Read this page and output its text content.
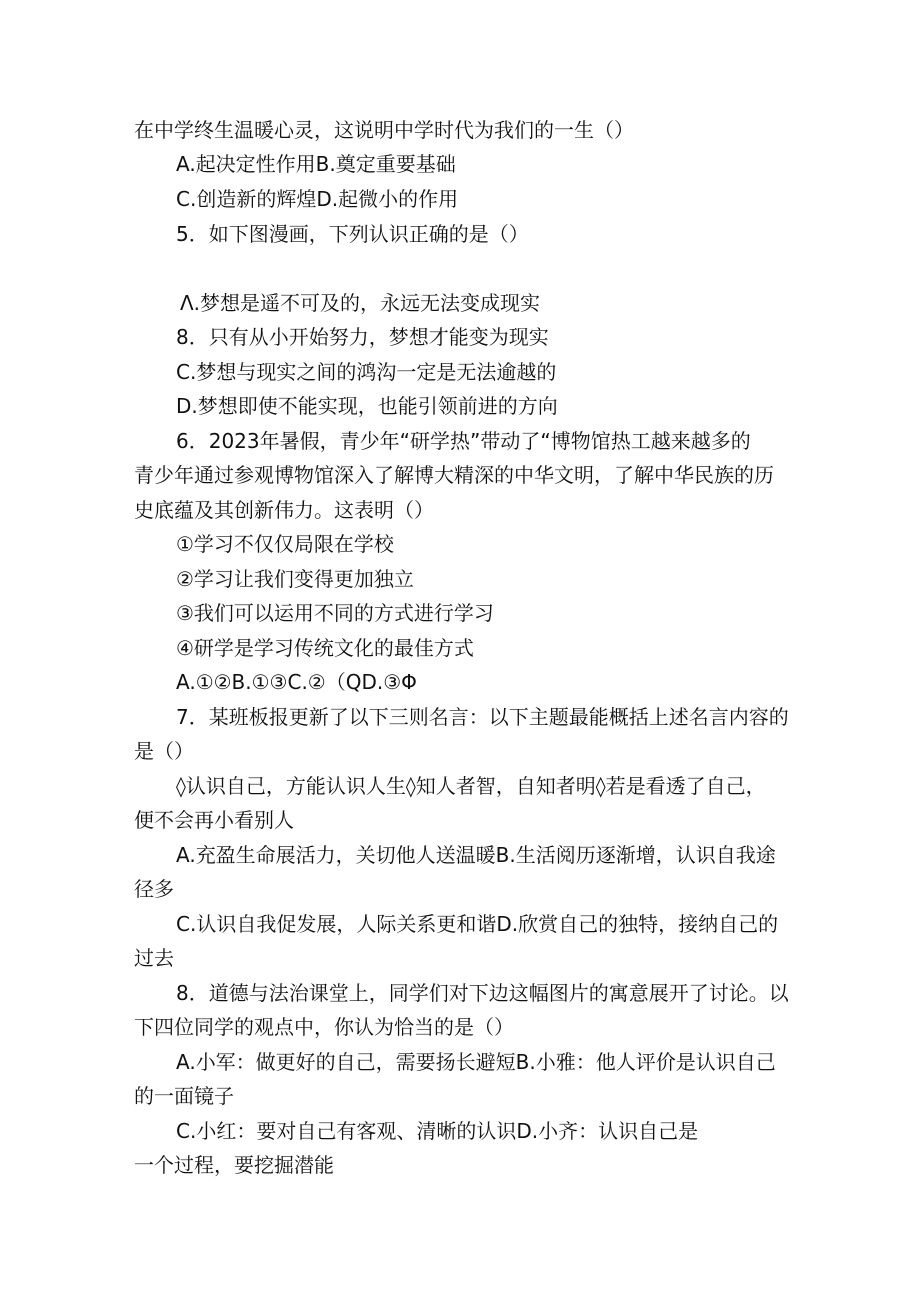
在中学终生温暖心灵，这说明中学时代为我们的一生（）
A.起决定性作用B.奠定重要基础
C.创造新的辉煌D.起微小的作用
5．如下图漫画，下列认识正确的是（）
Λ.梦想是遥不可及的，永远无法变成现实
8．只有从小开始努力，梦想才能变为现实
C.梦想与现实之间的鸿沟一定是无法逾越的
D.梦想即使不能实现，也能引领前进的方向
6．2023年暑假，青少年“研学热”带动了“博物馆热工越来越多的
青少年通过参观博物馆深入了解博大精深的中华文明，了解中华民族的历
史底蕴及其创新伟力。这表明（）
①学习不仅仅局限在学校
②学习让我们变得更加独立
③我们可以运用不同的方式进行学习
④研学是学习传统文化的最佳方式
A.①②B.①③C.②（QD.③Φ
7．某班板报更新了以下三则名言：以下主题最能概括上述名言内容的
是（）
◊认识自己，方能认识人生◊知人者智，自知者明◊若是看透了自己，
便不会再小看别人
A.充盈生命展活力，关切他人送温暖B.生活阅历逐渐增，认识自我途
径多
C.认识自我促发展，人际关系更和谐D.欣赏自己的独特，接纳自己的
过去
8．道德与法治课堂上，同学们对下边这幅图片的寓意展开了讨论。以
下四位同学的观点中，你认为恰当的是（）
A.小军：做更好的自己，需要扬长避短B.小雅：他人评价是认识自己
的一面镜子
C.小红：要对自己有客观、清晰的认识D.小齐：认识自己是
一个过程，要挖掘潜能
